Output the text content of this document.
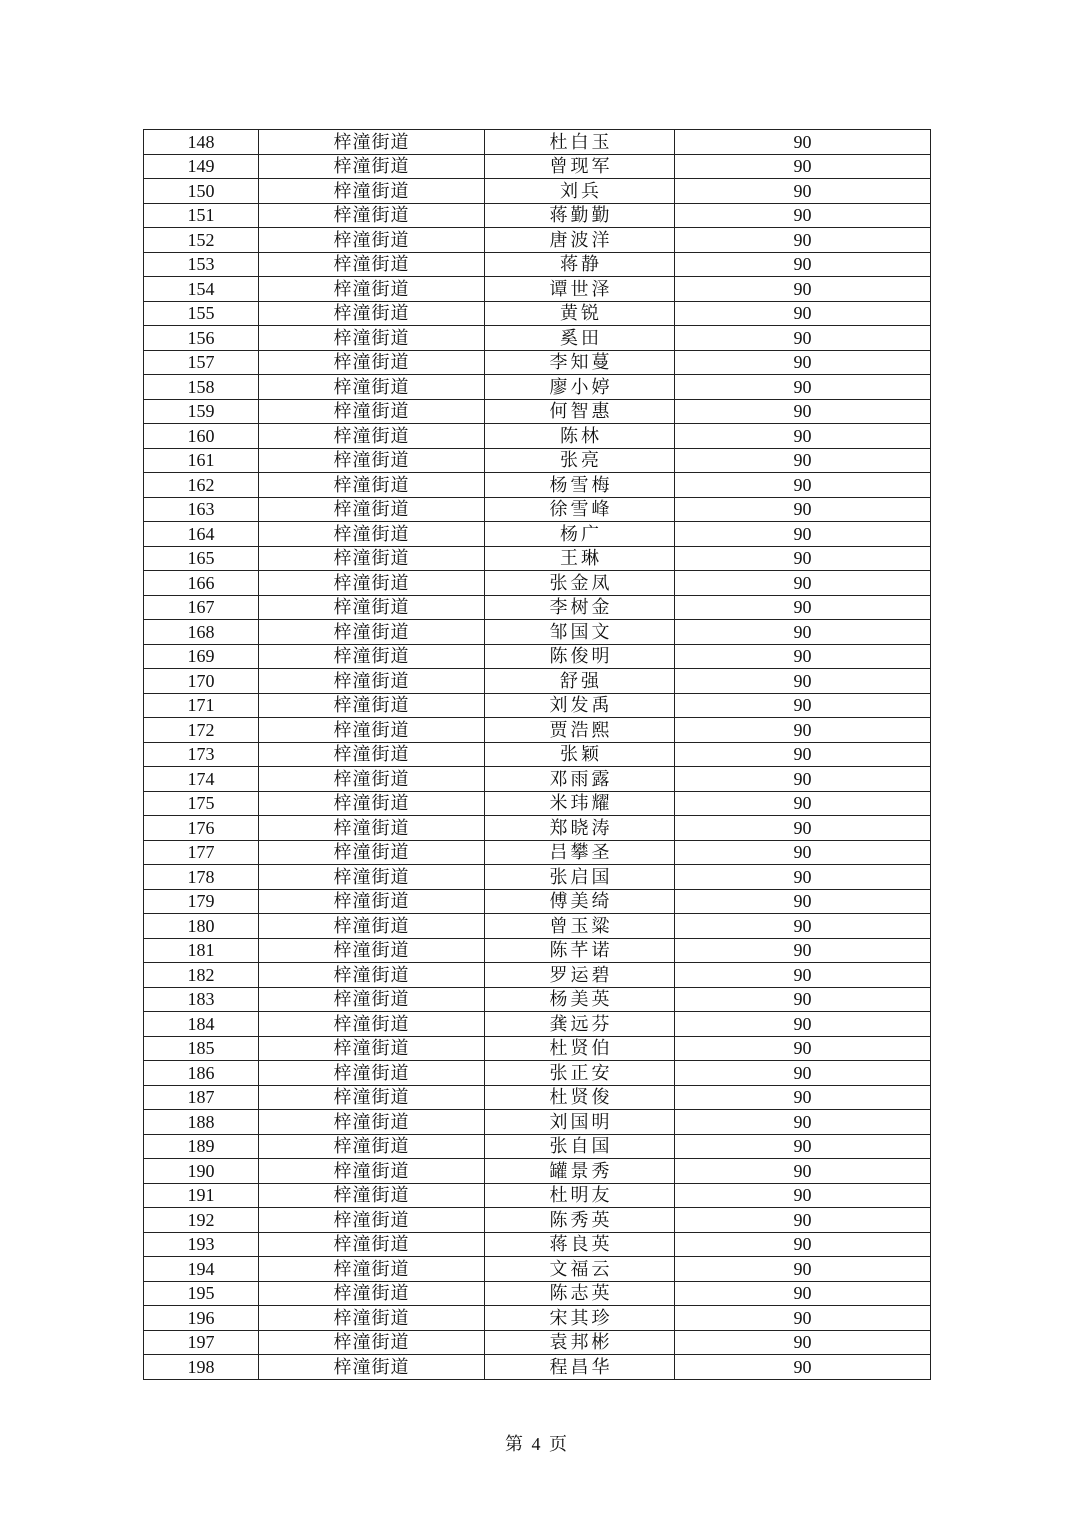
148	梓潼街道	杜白玉	90
149	梓潼街道	曾现军	90
150	梓潼街道	刘兵	90
151	梓潼街道	蒋勤勤	90
152	梓潼街道	唐波洋	90
153	梓潼街道	蒋静	90
154	梓潼街道	谭世泽	90
155	梓潼街道	黄锐	90
156	梓潼街道	奚田	90
157	梓潼街道	李知蔓	90
158	梓潼街道	廖小婷	90
159	梓潼街道	何智惠	90
160	梓潼街道	陈林	90
161	梓潼街道	张亮	90
162	梓潼街道	杨雪梅	90
163	梓潼街道	徐雪峰	90
164	梓潼街道	杨广	90
165	梓潼街道	王琳	90
166	梓潼街道	张金凤	90
167	梓潼街道	李树金	90
168	梓潼街道	邹国文	90
169	梓潼街道	陈俊明	90
170	梓潼街道	舒强	90
171	梓潼街道	刘发禹	90
172	梓潼街道	贾浩熙	90
173	梓潼街道	张颖	90
174	梓潼街道	邓雨露	90
175	梓潼街道	米玮耀	90
176	梓潼街道	郑晓涛	90
177	梓潼街道	吕攀圣	90
178	梓潼街道	张启国	90
179	梓潼街道	傅美绮	90
180	梓潼街道	曾玉粱	90
181	梓潼街道	陈芊诺	90
182	梓潼街道	罗运碧	90
183	梓潼街道	杨美英	90
184	梓潼街道	龚远芬	90
185	梓潼街道	杜贤伯	90
186	梓潼街道	张正安	90
187	梓潼街道	杜贤俊	90
188	梓潼街道	刘国明	90
189	梓潼街道	张自国	90
190	梓潼街道	罐景秀	90
191	梓潼街道	杜明友	90
192	梓潼街道	陈秀英	90
193	梓潼街道	蒋良英	90
194	梓潼街道	文福云	90
195	梓潼街道	陈志英	90
196	梓潼街道	宋其珍	90
197	梓潼街道	袁邦彬	90
198	梓潼街道	程昌华	90
第 4 页
